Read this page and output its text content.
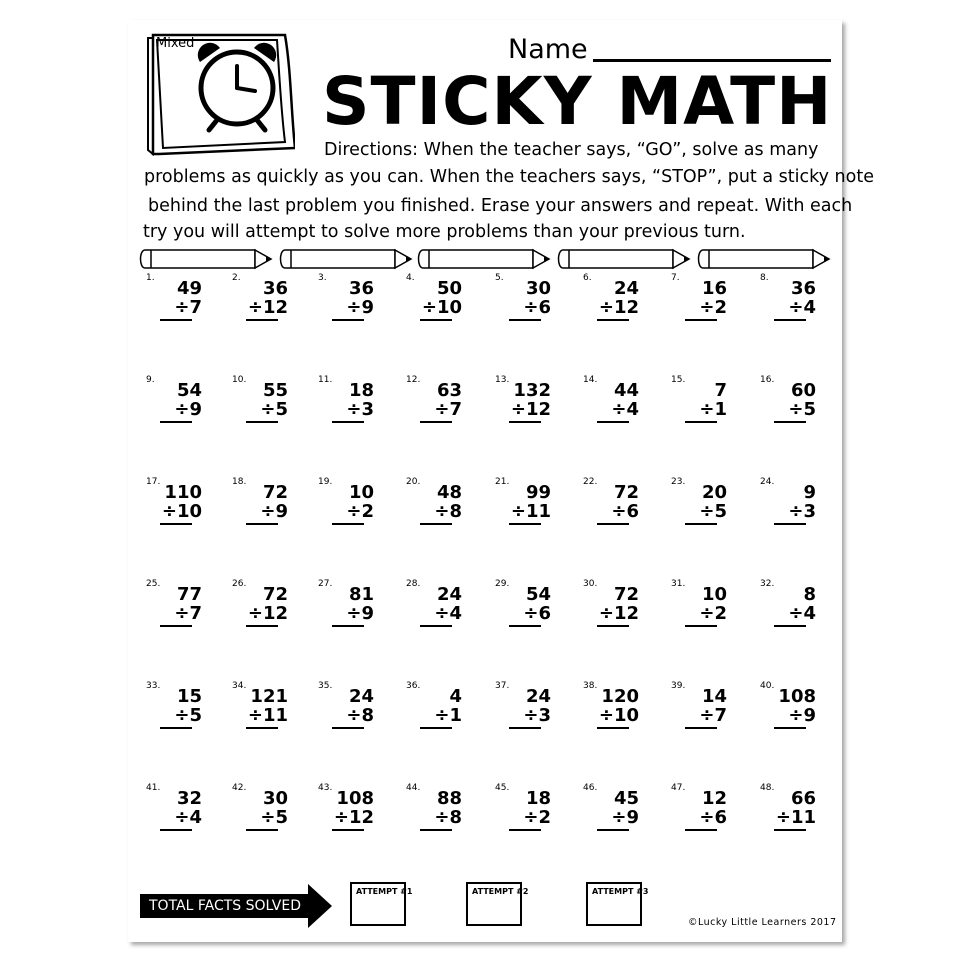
Mixed	Name
STICKY MATH
Directions: When the teacher says, “GO”, solve as many
problems as quickly as you can. When the teachers says, “STOP”, put a sticky note
behind the last problem you finished. Erase your answers and repeat. With each
try you will attempt to solve more problems than your previous turn.
1.	49
÷7
2.	36
÷12
3.	36
÷9
4.	50
÷10
5.	30
÷6
6.	24
÷12
7.	16
÷2
8.	36
÷4
9.	54
÷9
10. 55
÷5
11. 18
÷3
12. 63
÷7
13. 132
÷12
14. 44
÷4
15.	7
÷1
16. 60
÷5
17. 110
÷10
18. 72
÷9
19. 10
÷2
20. 48
÷8
21. 99
÷11
22. 72
÷6
23. 20
÷5
24.	9
÷3
25. 77
÷7
26. 72
÷12
27. 81
÷9
28. 24
÷4
29. 54
÷6
30. 72
÷12
31. 10
÷2
32.	8
÷4
33. 15
÷5
34. 121
÷11
35. 24
÷8
36.	4
÷1
37. 24
÷3
38. 120
÷10
39. 14
÷7
40. 108
÷9
41. 32
÷4
42. 30
÷5
43. 108
÷12
44. 88
÷8
45. 18
÷2
46. 45
÷9
47. 12
÷6
48. 66
÷11
TOTAL FACTS SOLVED
ATTEMPT #1	ATTEMPT #2	ATTEMPT #3
©Lucky Little Learners 2017
